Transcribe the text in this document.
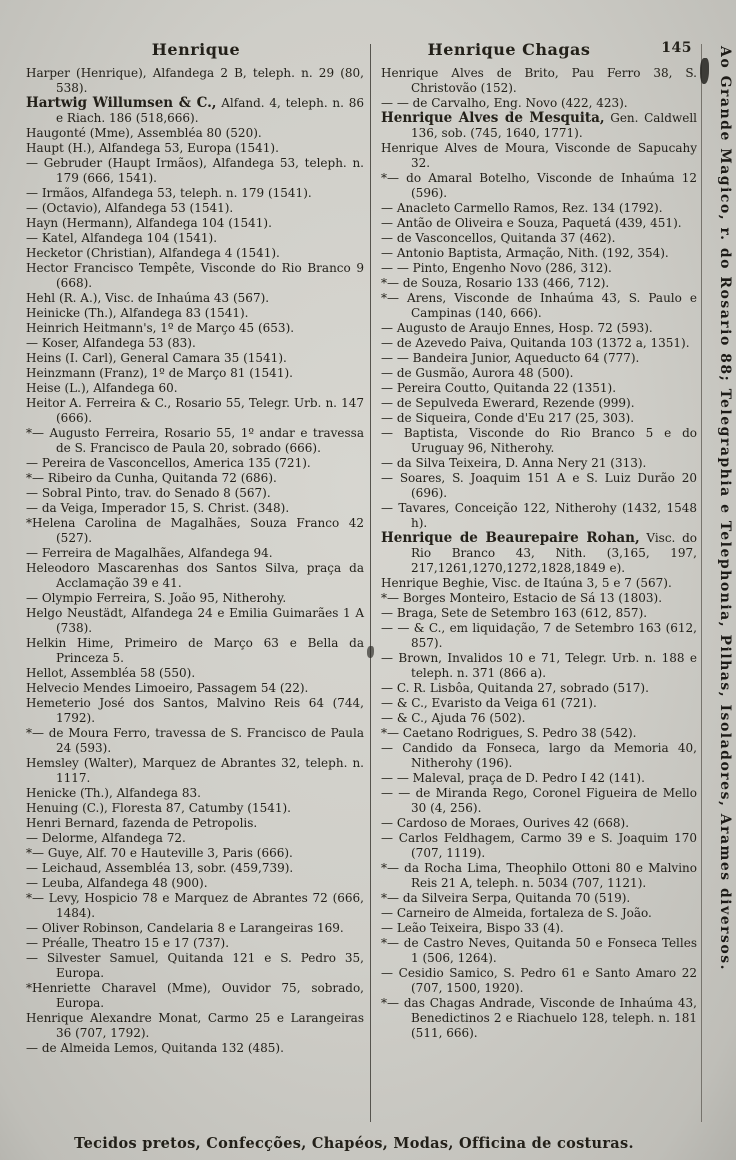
Henrique	Henrique Chagas	145
Harper (Henrique), Alfandega 2 B, teleph. n. 29 (80, 538).
Hartwig Willumsen & C., Alfand. 4, teleph. n. 86 e Riach. 186 (518,666).
Haugonté (Mme), Assembléa 80 (520).
Haupt (H.), Alfandega 53, Europa (1541).
— Gebruder (Haupt Irmãos), Alfandega 53, teleph. n. 179 (666, 1541).
— Irmãos, Alfandega 53, teleph. n. 179 (1541).
— (Octavio), Alfandega 53 (1541).
Hayn (Hermann), Alfandega 104 (1541).
— Katel, Alfandega 104 (1541).
Hecketor (Christian), Alfandega 4 (1541).
Hector Francisco Tempête, Visconde do Rio Branco 9 (668).
Hehl (R. A.), Visc. de Inhaúma 43 (567).
Heinicke (Th.), Alfandega 83 (1541).
Heinrich Heitmann's, 1º de Março 45 (653).
— Koser, Alfandega 53 (83).
Heins (I. Carl), General Camara 35 (1541).
Heinzmann (Franz), 1º de Março 81 (1541).
Heise (L.), Alfandega 60.
Heitor A. Ferreira & C., Rosario 55, Telegr. Urb. n. 147 (666).
*— Augusto Ferreira, Rosario 55, 1º andar e travessa de S. Francisco de Paula 20, sobrado (666).
— Pereira de Vasconcellos, America 135 (721).
*— Ribeiro da Cunha, Quitanda 72 (686).
— Sobral Pinto, trav. do Senado 8 (567).
— da Veiga, Imperador 15, S. Christ. (348).
*Helena Carolina de Magalhães, Souza Franco 42 (527).
— Ferreira de Magalhães, Alfandega 94.
Heleodoro Mascarenhas dos Santos Silva, praça da Acclamação 39 e 41.
— Olympio Ferreira, S. João 95, Nitherohy.
Helgo Neustädt, Alfandega 24 e Emilia Guimarães 1 A (738).
Helkin Hime, Primeiro de Março 63 e Bella da Princeza 5.
Hellot, Assembléa 58 (550).
Helvecio Mendes Limoeiro, Passagem 54 (22).
Hemeterio José dos Santos, Malvino Reis 64 (744, 1792).
*— de Moura Ferro, travessa de S. Francisco de Paula 24 (593).
Hemsley (Walter), Marquez de Abrantes 32, teleph. n. 1117.
Henicke (Th.), Alfandega 83.
Henuing (C.), Floresta 87, Catumby (1541).
Henri Bernard, fazenda de Petropolis.
— Delorme, Alfandega 72.
*— Guye, Alf. 70 e Hauteville 3, Paris (666).
— Leichaud, Assembléa 13, sobr. (459,739).
— Leuba, Alfandega 48 (900).
*— Levy, Hospicio 78 e Marquez de Abrantes 72 (666, 1484).
— Oliver Robinson, Candelaria 8 e Larangeiras 169.
— Préalle, Theatro 15 e 17 (737).
— Silvester Samuel, Quitanda 121 e S. Pedro 35, Europa.
*Henriette Charavel (Mme), Ouvidor 75, sobrado, Europa.
Henrique Alexandre Monat, Carmo 25 e Larangeiras 36 (707, 1792).
— de Almeida Lemos, Quitanda 132 (485).
Henrique Alves de Brito, Pau Ferro 38, S. Christovão (152).
— — de Carvalho, Eng. Novo (422, 423).
Henrique Alves de Mesquita, Gen. Caldwell 136, sob. (745, 1640, 1771).
Henrique Alves de Moura, Visconde de Sapucahy 32.
*— do Amaral Botelho, Visconde de Inhaúma 12 (596).
— Anacleto Carmello Ramos, Rez. 134 (1792).
— Antão de Oliveira e Souza, Paquetá (439, 451).
— de Vasconcellos, Quitanda 37 (462).
— Antonio Baptista, Armação, Nith. (192, 354).
— — Pinto, Engenho Novo (286, 312).
*— de Souza, Rosario 133 (466, 712).
*— Arens, Visconde de Inhaúma 43, S. Paulo e Campinas (140, 666).
— Augusto de Araujo Ennes, Hosp. 72 (593).
— de Azevedo Paiva, Quitanda 103 (1372 a, 1351).
— — Bandeira Junior, Aqueducto 64 (777).
— de Gusmão, Aurora 48 (500).
— Pereira Coutto, Quitanda 22 (1351).
— de Sepulveda Ewerard, Rezende (999).
— de Siqueira, Conde d'Eu 217 (25, 303).
— Baptista, Visconde do Rio Branco 5 e do Uruguay 96, Nitherohy.
— da Silva Teixeira, D. Anna Nery 21 (313).
— Soares, S. Joaquim 151 A e S. Luiz Durão 20 (696).
— Tavares, Conceição 122, Nitherohy (1432, 1548 h).
Henrique de Beaurepaire Rohan, Visc. do Rio Branco 43, Nith. (3,165, 197, 217,1261,1270,1272,1828,1849 e).
Henrique Beghie, Visc. de Itaúna 3, 5 e 7 (567).
*— Borges Monteiro, Estacio de Sá 13 (1803).
— Braga, Sete de Setembro 163 (612, 857).
— — & C., em liquidação, 7 de Setembro 163 (612, 857).
— Brown, Invalidos 10 e 71, Telegr. Urb. n. 188 e teleph. n. 371 (866 a).
— C. R. Lisbôa, Quitanda 27, sobrado (517).
— & C., Evaristo da Veiga 61 (721).
— & C., Ajuda 76 (502).
*— Caetano Rodrigues, S. Pedro 38 (542).
— Candido da Fonseca, largo da Memoria 40, Nitherohy (196).
— — Maleval, praça de D. Pedro I 42 (141).
— — de Miranda Rego, Coronel Figueira de Mello 30 (4, 256).
— Cardoso de Moraes, Ourives 42 (668).
— Carlos Feldhagem, Carmo 39 e S. Joaquim 170 (707, 1119).
*— da Rocha Lima, Theophilo Ottoni 80 e Malvino Reis 21 A, teleph. n. 5034 (707, 1121).
*— da Silveira Serpa, Quitanda 70 (519).
— Carneiro de Almeida, fortaleza de S. João.
— Leão Teixeira, Bispo 33 (4).
*— de Castro Neves, Quitanda 50 e Fonseca Telles 1 (506, 1264).
— Cesidio Samico, S. Pedro 61 e Santo Amaro 22 (707, 1500, 1920).
*— das Chagas Andrade, Visconde de Inhaúma 43, Benedictinos 2 e Riachuelo 128, teleph. n. 181 (511, 666).
Ao Grande Magico, r. do Rosario 88; Telegraphia e Telephonia, Pilhas, Isoladores, Arames diversos.
Tecidos pretos, Confecções, Chapéos, Modas, Officina de costuras.
